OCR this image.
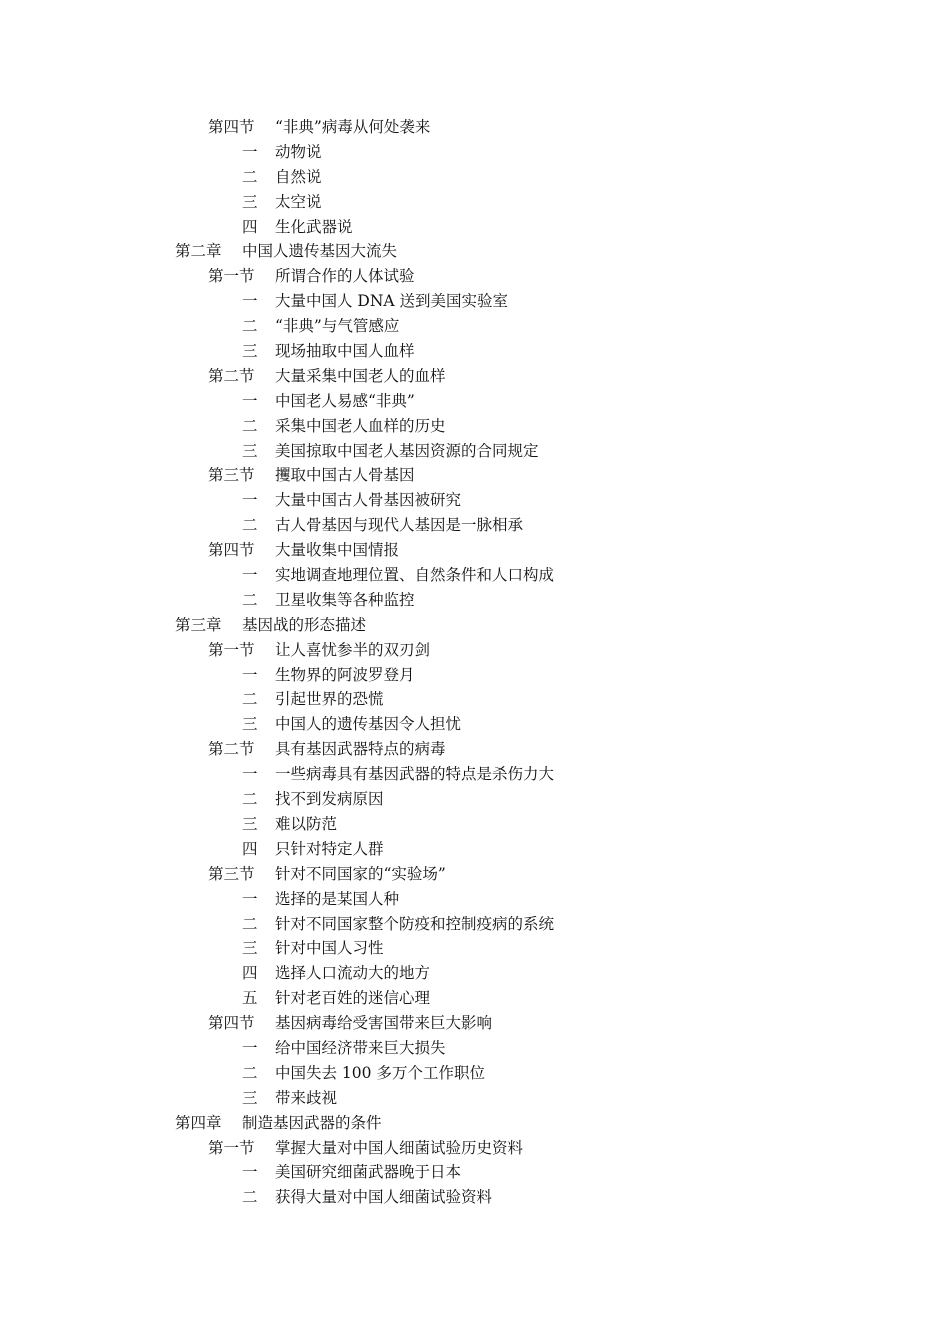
第四节 “非典”病毒从何处袭来
一 动物说
二 自然说
三 太空说
四 生化武器说
第二章 中国人遗传基因大流失
第一节 所谓合作的人体试验
一 大量中国人 DNA 送到美国实验室
二 “非典”与气管感应
三 现场抽取中国人血样
第二节 大量采集中国老人的血样
一 中国老人易感“非典”
二 采集中国老人血样的历史
三 美国掠取中国老人基因资源的合同规定
第三节 攫取中国古人骨基因
一 大量中国古人骨基因被研究
二 古人骨基因与现代人基因是一脉相承
第四节 大量收集中国情报
一 实地调查地理位置、自然条件和人口构成
二 卫星收集等各种监控
第三章 基因战的形态描述
第一节 让人喜忧参半的双刃剑
一 生物界的阿波罗登月
二 引起世界的恐慌
三 中国人的遗传基因令人担忧
第二节 具有基因武器特点的病毒
一 一些病毒具有基因武器的特点是杀伤力大
二 找不到发病原因
三 难以防范
四 只针对特定人群
第三节 针对不同国家的“实验场”
一 选择的是某国人种
二 针对不同国家整个防疫和控制疫病的系统
三 针对中国人习性
四 选择人口流动大的地方
五 针对老百姓的迷信心理
第四节 基因病毒给受害国带来巨大影响
一 给中国经济带来巨大损失
二 中国失去 100 多万个工作职位
三 带来歧视
第四章 制造基因武器的条件
第一节 掌握大量对中国人细菌试验历史资料
一 美国研究细菌武器晚于日本
二 获得大量对中国人细菌试验资料
